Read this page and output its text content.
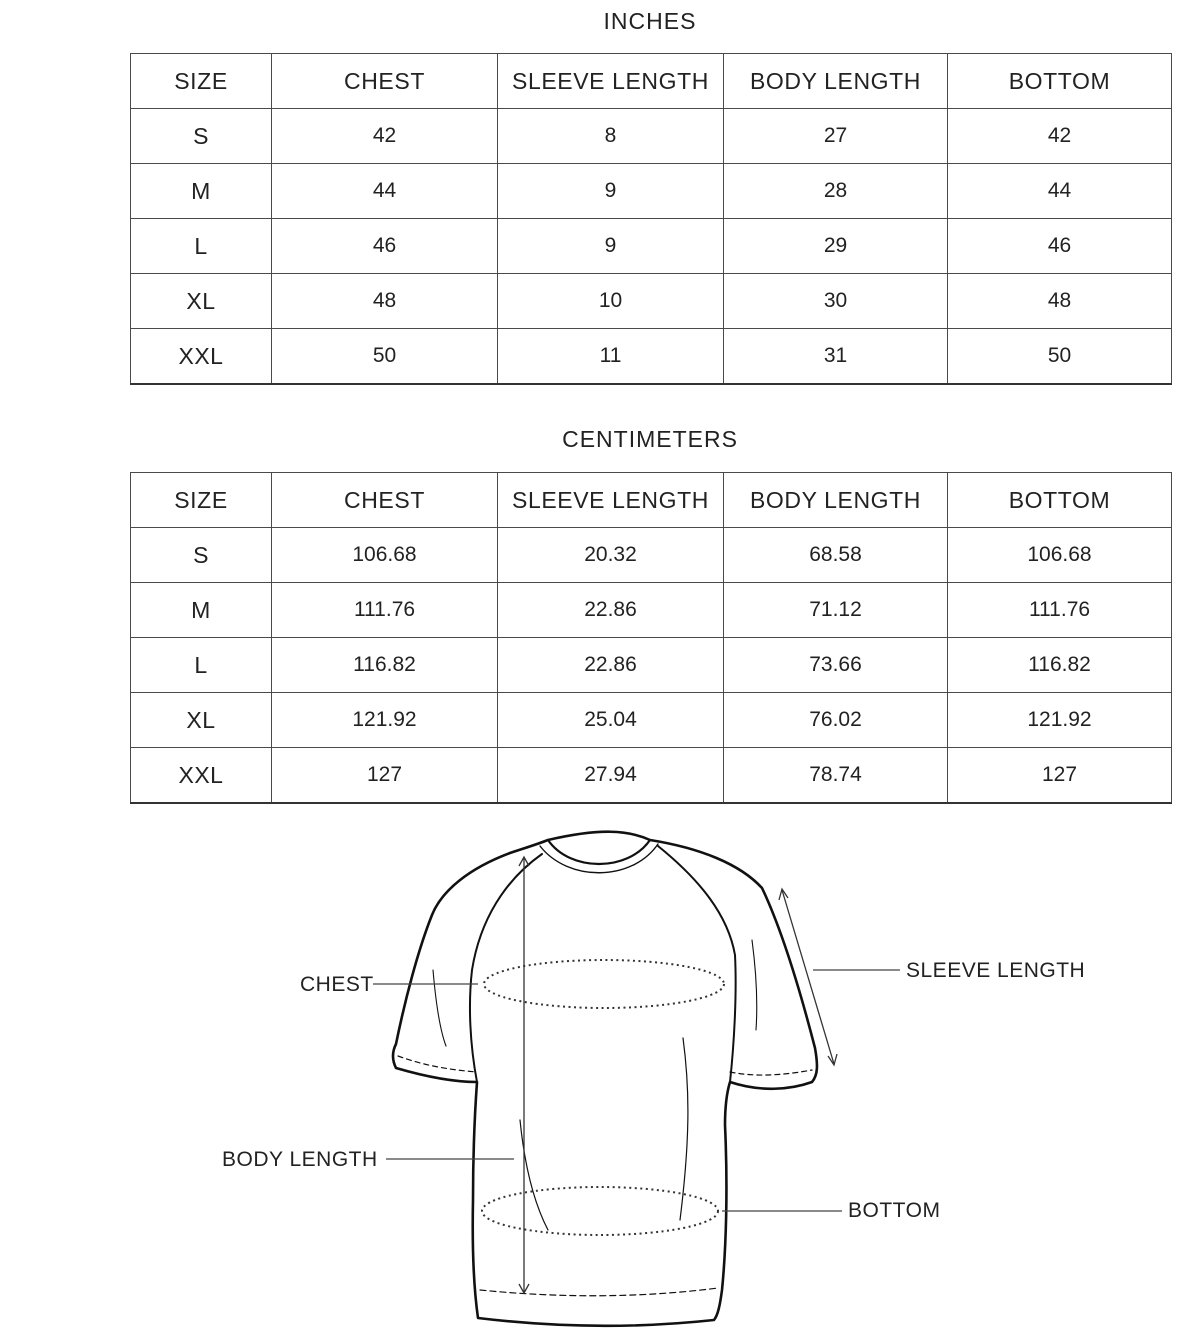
INCHES
SIZE	CHEST	SLEEVE LENGTH	BODY LENGTH	BOTTOM
S	42	8	27	42
M	44	9	28	44
L	46	9	29	46
XL	48	10	30	48
XXL	50	11	31	50
CENTIMETERS
SIZE	CHEST	SLEEVE LENGTH	BODY LENGTH	BOTTOM
S	106.68	20.32	68.58	106.68
M	111.76	22.86	71.12	111.76
L	116.82	22.86	73.66	116.82
XL	121.92	25.04	76.02	121.92
XXL	127	27.94	78.74	127
CHEST
SLEEVE LENGTH
BODY LENGTH
BOTTOM
